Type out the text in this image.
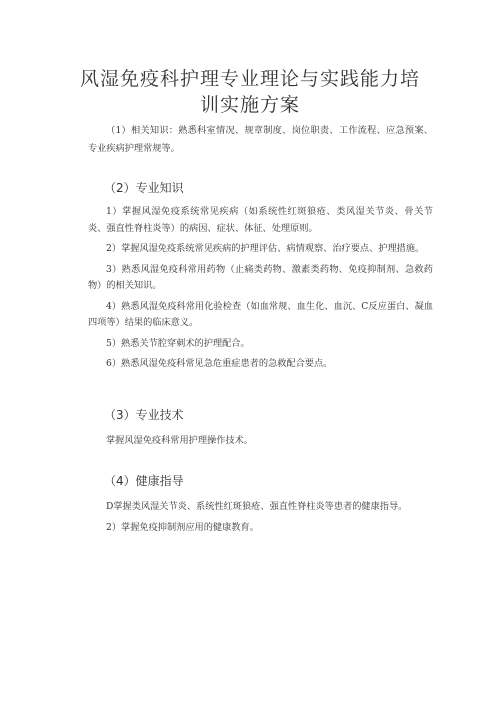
风湿免疫科护理专业理论与实践能力培
训实施方案

（1）相关知识：熟悉科室情况、规章制度、岗位职责、工作流程、应急预案、专业疾病护理常规等。

（2）专业知识
1）掌握风湿免疫系统常见疾病（如系统性红斑狼疮、类风湿关节炎、骨关节炎、强直性脊柱炎等）的病因、症状、体征、处理原则。
2）掌握风湿免疫系统常见疾病的护理评估、病情观察、治疗要点、护理措施。
3）熟悉风湿免疫科常用药物（止痛类药物、激素类药物、免疫抑制剂、急救药物）的相关知识。
4）熟悉风湿免疫科常用化验检查（如血常规、血生化、血沉、C反应蛋白、凝血四项等）结果的临床意义。
5）熟悉关节腔穿刺术的护理配合。
6）熟悉风湿免疫科常见急危重症患者的急救配合要点。
（3）专业技术
掌握风湿免疫科常用护理操作技术。
（4）健康指导
D掌握类风湿关节炎、系统性红斑狼疮、强直性脊柱炎等患者的健康指导。
2）掌握免疫抑制剂应用的健康教育。
